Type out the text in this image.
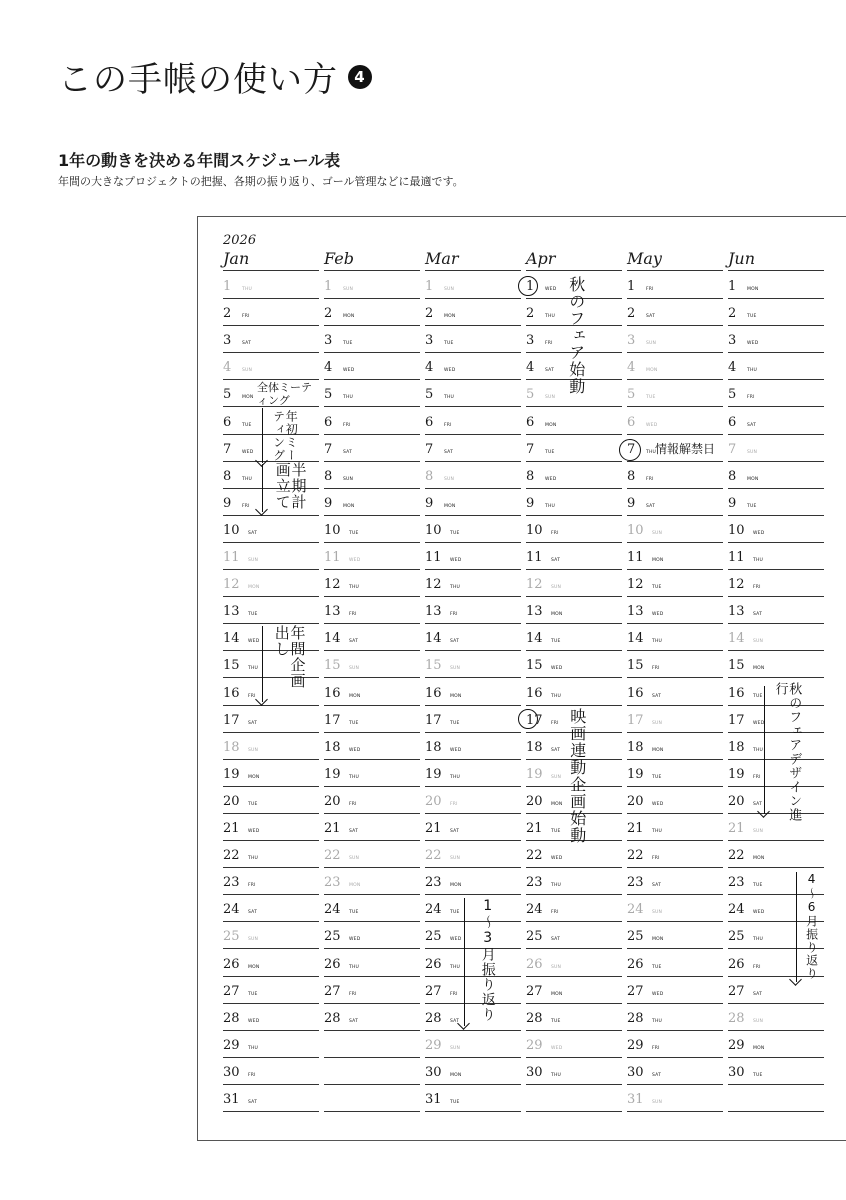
この手帳の使い方	4
1年の動きを決める年間スケジュール表
年間の大きなプロジェクトの把握、各期の振り返り、ゴール管理などに最適です。
2026
Jan
1 THU
2 FRI
3 SAT
4 SUN
5 MON
6 TUE
7 WED
8 THU
9 FRI
10 SAT
11 SUN
12 MON
13 TUE
14 WED
15 THU
16 FRI
17 SAT
18 SUN
19 MON
20 TUE
21 WED
22 THU
23 FRI
24 SAT
25 SUN
26 MON
27 TUE
28 WED
29 THU
30 FRI
31 SAT
Feb
1 SUN
2 MON
3 TUE
4 WED
5 THU
6 FRI
7 SAT
8 SUN
9 MON
10 TUE
11 WED
12 THU
13 FRI
14 SAT
15 SUN
16 MON
17 TUE
18 WED
19 THU
20 FRI
21 SAT
22 SUN
23 MON
24 TUE
25 WED
26 THU
27 FRI
28 SAT
Mar
1 SUN
2 MON
3 TUE
4 WED
5 THU
6 FRI
7 SAT
8 SUN
9 MON
10 TUE
11 WED
12 THU
13 FRI
14 SAT
15 SUN
16 MON
17 TUE
18 WED
19 THU
20 FRI
21 SAT
22 SUN
23 MON
24 TUE
25 WED
26 THU
27 FRI
28 SAT
29 SUN
30 MON
31 TUE
Apr
1 WED
2 THU
3 FRI
4 SAT
5 SUN
6 MON
7 TUE
8 WED
9 THU
10 FRI
11 SAT
12 SUN
13 MON
14 TUE
15 WED
16 THU
17 FRI
18 SAT
19 SUN
20 MON
21 TUE
22 WED
23 THU
24 FRI
25 SAT
26 SUN
27 MON
28 TUE
29 WED
30 THU
May
1 FRI
2 SAT
3 SUN
4 MON
5 TUE
6 WED
7 THU
8 FRI
9 SAT
10 SUN
11 MON
12 TUE
13 WED
14 THU
15 FRI
16 SAT
17 SUN
18 MON
19 TUE
20 WED
21 THU
22 FRI
23 SAT
24 SUN
25 MON
26 TUE
27 WED
28 THU
29 FRI
30 SAT
31 SUN
Jun
1 MON
2 TUE
3 WED
4 THU
5 FRI
6 SAT
7 SUN
8 MON
9 TUE
10 WED
11 THU
12 FRI
13 SAT
14 SUN
15 MON
16 TUE
17 WED
18 THU
19 FRI
20 SAT
21 SUN
22 MON
23 TUE
24 WED
25 THU
26 FRI
27 SAT
28 SUN
29 MON
30 TUE
全体ミーティング
年初ミーティング
半期計画立て
年間企画出し
秋のフェア始動
映画連動企画始動
情報解禁日
1〜3月振り返り
秋のフェアデザイン進行
4〜6月振り返り
